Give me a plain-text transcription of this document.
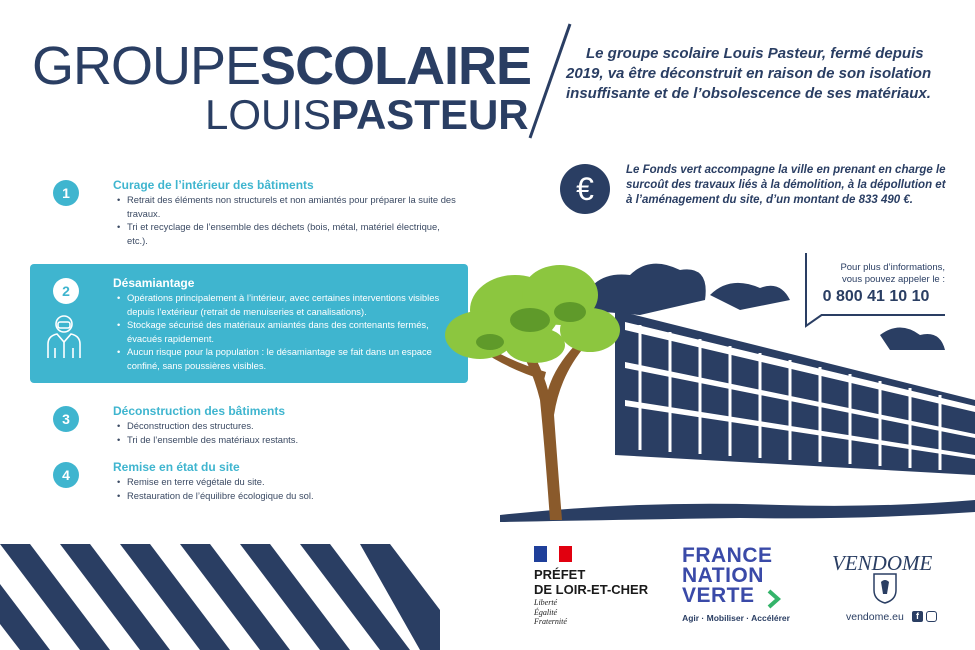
GROUPESCOLAIRE
LOUISPASTEUR

Le groupe scolaire Louis Pasteur, fermé depuis 2019, va être déconstruit en raison de son isolation insuffisante et de l’obsolescence de ses matériaux.

€

Le Fonds vert accompagne la ville en prenant en charge le surcoût des travaux liés à la démolition, à la dépollution et à l’aménagement du site, d’un montant de 833 490 €.

Pour plus d’informations,
vous pouvez appeler le :
0 800 41 10 10
1	Curage de l’intérieur des bâtiments
• Retrait des éléments non structurels et non amiantés pour préparer la suite des travaux.
• Tri et recyclage de l’ensemble des déchets (bois, métal, matériel électrique, etc.).
2	Désamiantage
• Opérations principalement à l’intérieur, avec certaines interventions visibles depuis l’extérieur (retrait de menuiseries et canalisations).
• Stockage sécurisé des matériaux amiantés dans des contenants fermés, évacués rapidement.
• Aucun risque pour la population : le désamiantage se fait dans un espace confiné, sans poussières visibles.
3	Déconstruction des bâtiments
• Déconstruction des structures.
• Tri de l’ensemble des matériaux restants.
4	Remise en état du site
• Remise en terre végétale du site.
• Restauration de l’équilibre écologique du sol.
PRÉFET
DE LOIR-ET-CHER
Liberté
Égalité
Fraternité
FRANCE
NATION
VERTE
Agir · Mobiliser · Accélérer
VENDOME
vendome.eu	f
